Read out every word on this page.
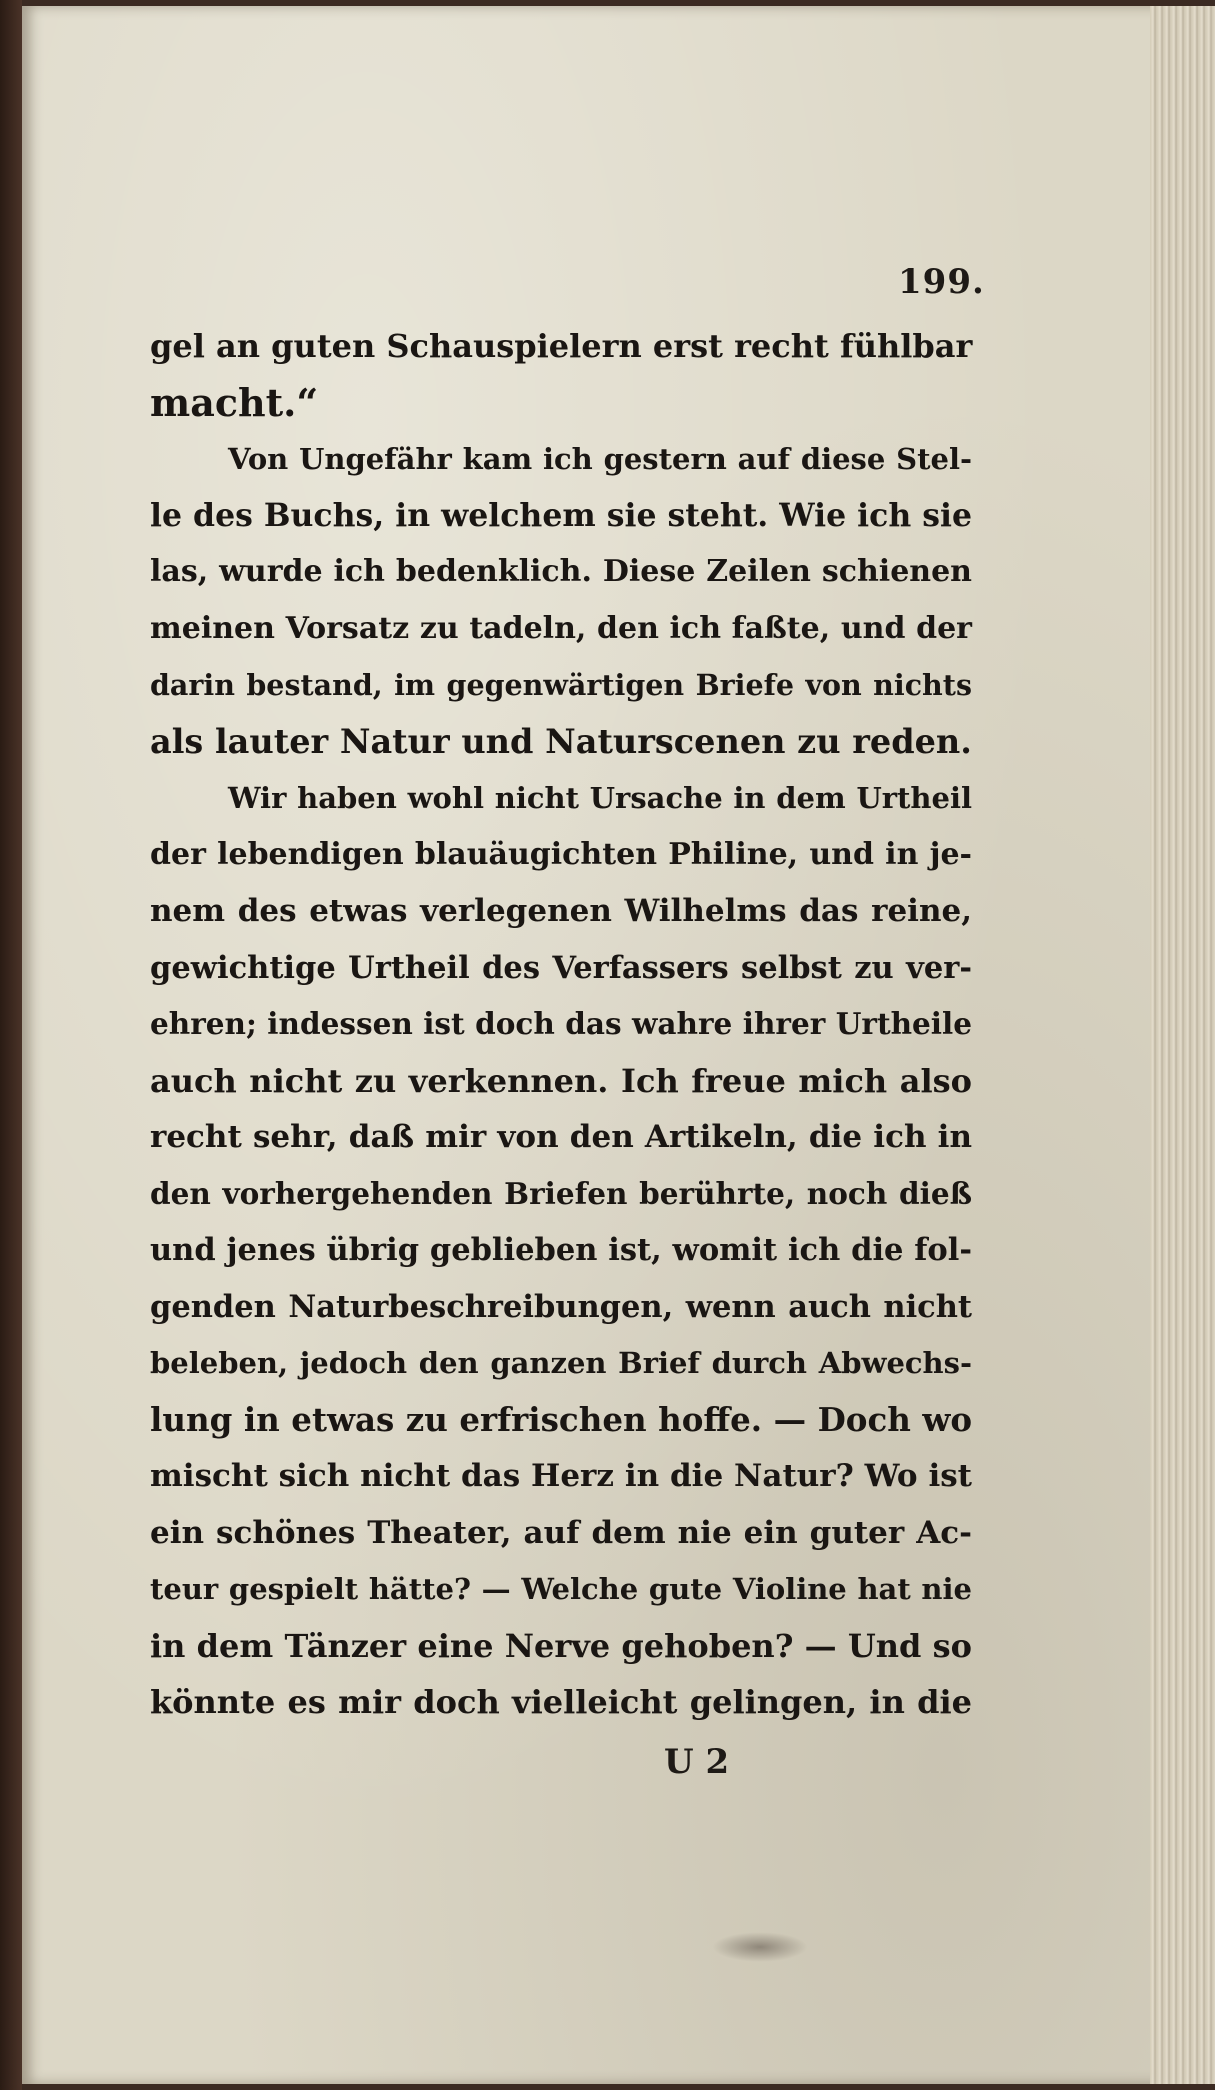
199.
gel an guten Schauspielern erst recht fühlbar
macht.“
Von Ungefähr kam ich gestern auf diese Stel-
le des Buchs, in welchem sie steht. Wie ich sie
las, wurde ich bedenklich. Diese Zeilen schienen
meinen Vorsatz zu tadeln, den ich faßte, und der
darin bestand, im gegenwärtigen Briefe von nichts
als lauter Natur und Naturscenen zu reden.
Wir haben wohl nicht Ursache in dem Urtheil
der lebendigen blauäugichten Philine, und in je-
nem des etwas verlegenen Wilhelms das reine,
gewichtige Urtheil des Verfassers selbst zu ver-
ehren; indessen ist doch das wahre ihrer Urtheile
auch nicht zu verkennen. Ich freue mich also
recht sehr, daß mir von den Artikeln, die ich in
den vorhergehenden Briefen berührte, noch dieß
und jenes übrig geblieben ist, womit ich die fol-
genden Naturbeschreibungen, wenn auch nicht
beleben, jedoch den ganzen Brief durch Abwechs-
lung in etwas zu erfrischen hoffe. — Doch wo
mischt sich nicht das Herz in die Natur? Wo ist
ein schönes Theater, auf dem nie ein guter Ac-
teur gespielt hätte? — Welche gute Violine hat nie
in dem Tänzer eine Nerve gehoben? — Und so
könnte es mir doch vielleicht gelingen, in die
U 2
